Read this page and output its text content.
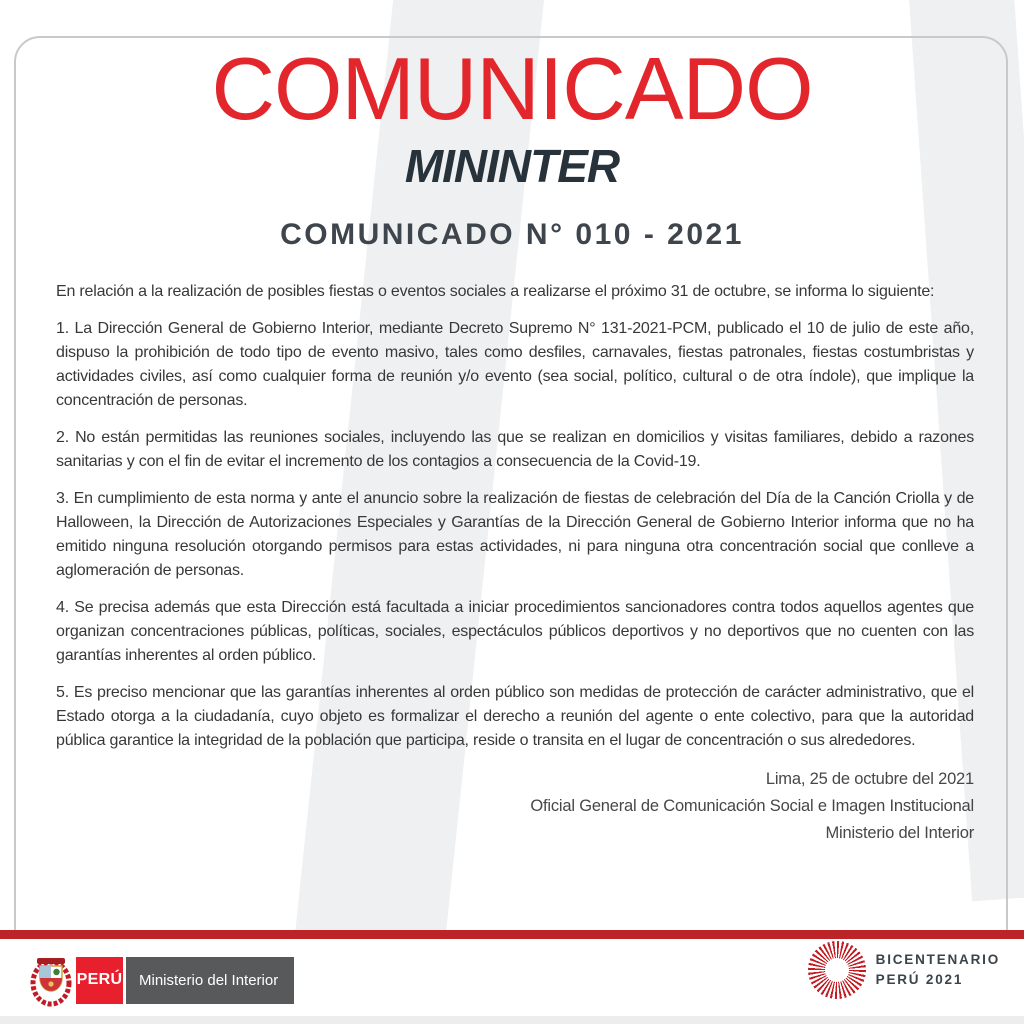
COMUNICADO
MININTER
COMUNICADO N° 010 - 2021

En relación a la realización de posibles fiestas o eventos sociales a realizarse el próximo 31 de octubre, se informa lo siguiente:

1. La Dirección General de Gobierno Interior, mediante Decreto Supremo N° 131-2021-PCM, publicado el 10 de julio de este año, dispuso la prohibición de todo tipo de evento masivo, tales como desfiles, carnavales, fiestas patronales, fiestas costumbristas y actividades civiles, así como cualquier forma de reunión y/o evento (sea social, político, cultural o de otra índole), que implique la concentración de personas.

2. No están permitidas las reuniones sociales, incluyendo las que se realizan en domicilios y visitas familiares, debido a razones sanitarias y con el fin de evitar el incremento de los contagios a consecuencia de la Covid-19.

3. En cumplimiento de esta norma y ante el anuncio sobre la realización de fiestas de celebración del Día de la Canción Criolla y de Halloween, la Dirección de Autorizaciones Especiales y Garantías de la Dirección General de Gobierno Interior informa que no ha emitido ninguna resolución otorgando permisos para estas actividades, ni para ninguna otra concentración social que conlleve a aglomeración de personas.

4. Se precisa además que esta Dirección está facultada a iniciar procedimientos sancionadores contra todos aquellos agentes que organizan concentraciones públicas, políticas, sociales, espectáculos públicos deportivos y no deportivos que no cuenten con las garantías inherentes al orden público.

5. Es preciso mencionar que las garantías inherentes al orden público son medidas de protección de carácter administrativo, que el Estado otorga a la ciudadanía, cuyo objeto es formalizar el derecho a reunión del agente o ente colectivo, para que la autoridad pública garantice la integridad de la población que participa, reside o transita en el lugar de concentración o sus alrededores.

Lima, 25 de octubre del 2021
Oficial General de Comunicación Social e Imagen Institucional
Ministerio del Interior
PERÚ Ministerio del Interior
BICENTENARIO
PERÚ 2021
